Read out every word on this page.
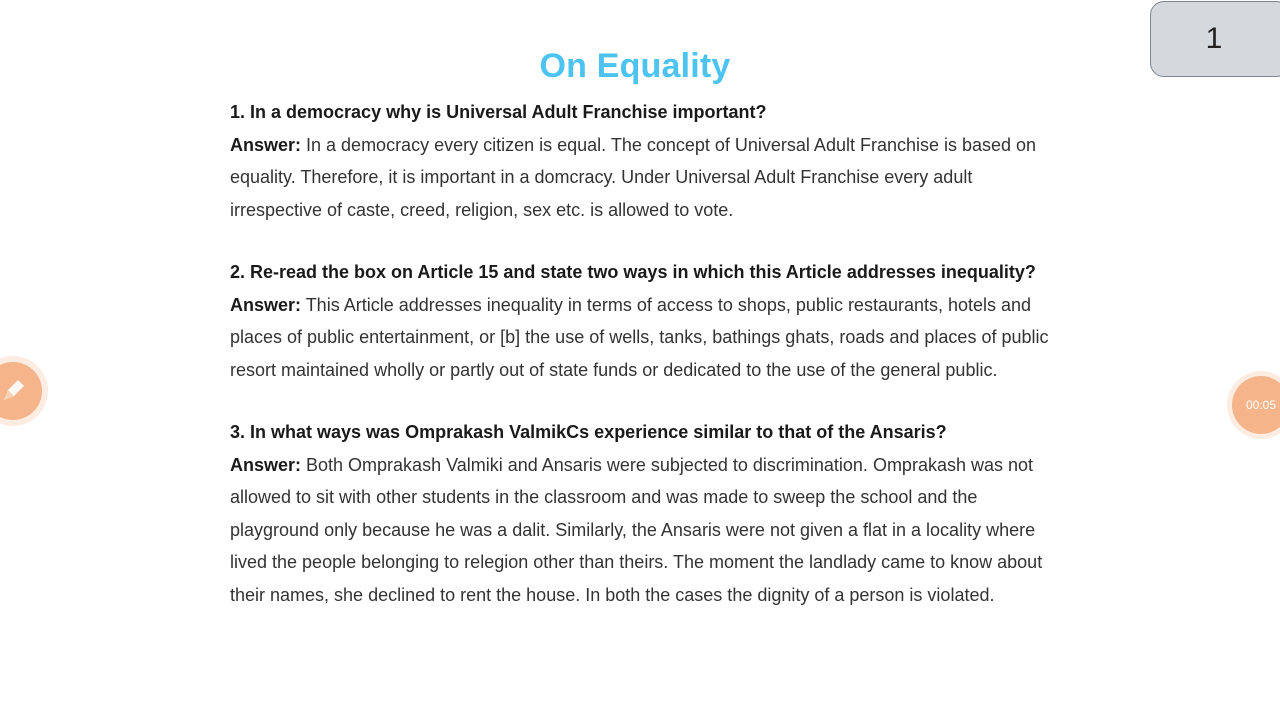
On Equality
1. In a democracy why is Universal Adult Franchise important?
Answer: In a democracy every citizen is equal. The concept of Universal Adult Franchise is based on equality. Therefore, it is important in a domcracy. Under Universal Adult Franchise every adult irrespective of caste, creed, religion, sex etc. is allowed to vote.
2. Re-read the box on Article 15 and state two ways in which this Article addresses inequality?
Answer: This Article addresses inequality in terms of access to shops, public restaurants, hotels and places of public entertainment, or [b] the use of wells, tanks, bathings ghats, roads and places of public resort maintained wholly or partly out of state funds or dedicated to the use of the general public.
3. In what ways was Omprakash ValmikCs experience similar to that of the Ansaris?
Answer: Both Omprakash Valmiki and Ansaris were subjected to discrimination. Omprakash was not allowed to sit with other students in the classroom and was made to sweep the school and the playground only because he was a dalit. Similarly, the Ansaris were not given a flat in a locality where lived the people belonging to relegion other than theirs. The moment the landlady came to know about their names, she declined to rent the house. In both the cases the dignity of a person is violated.
1
00:05
